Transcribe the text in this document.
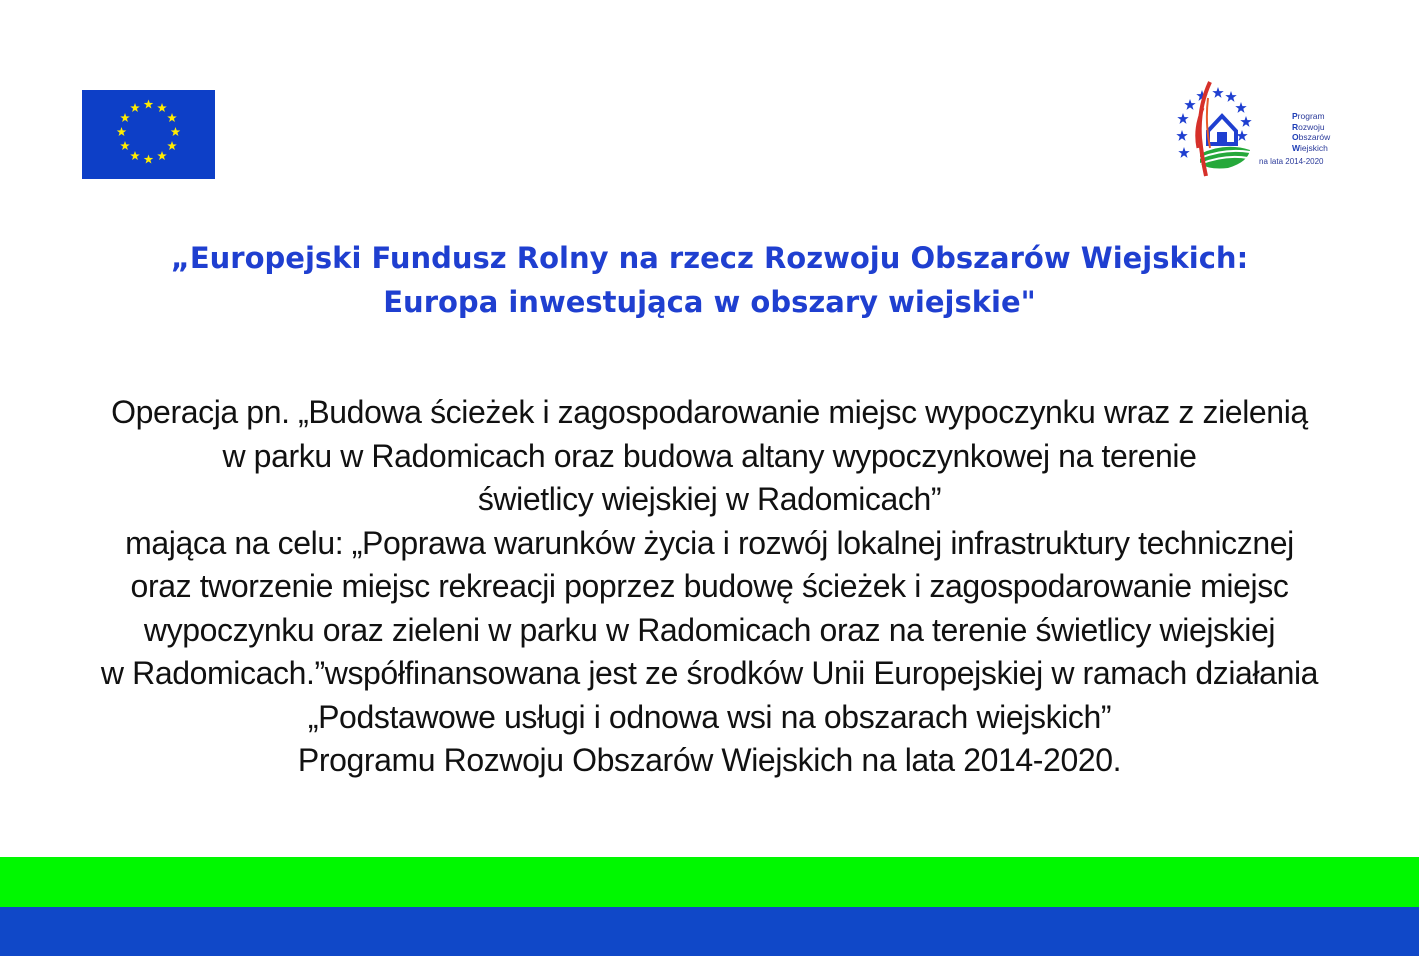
Program
Rozwoju
Obszarów
Wiejskich
na lata 2014-2020
„Europejski Fundusz Rolny na rzecz Rozwoju Obszarów Wiejskich:
Europa inwestująca w obszary wiejskie"
Operacja pn. „Budowa ścieżek i zagospodarowanie miejsc wypoczynku wraz z zielenią
w parku w Radomicach oraz budowa altany wypoczynkowej na terenie
świetlicy wiejskiej w Radomicach”
mająca na celu: „Poprawa warunków życia i rozwój lokalnej infrastruktury technicznej
oraz tworzenie miejsc rekreacji poprzez budowę ścieżek i zagospodarowanie miejsc
wypoczynku oraz zieleni w parku w Radomicach oraz na terenie świetlicy wiejskiej
w Radomicach.”współfinansowana jest ze środków Unii Europejskiej w ramach działania
„Podstawowe usługi i odnowa wsi na obszarach wiejskich”
Programu Rozwoju Obszarów Wiejskich na lata 2014-2020.
